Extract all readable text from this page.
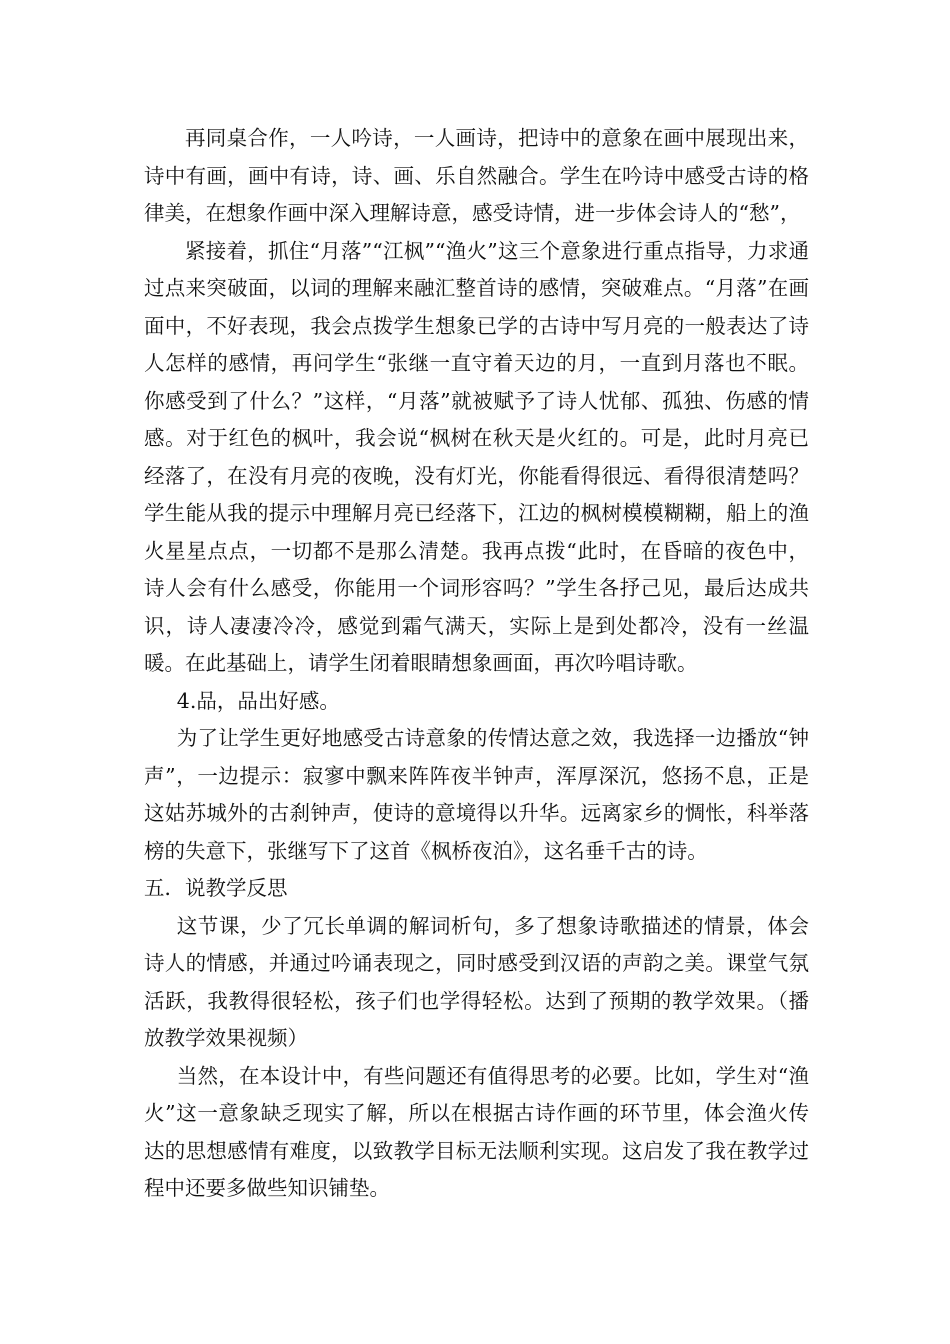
再同桌合作，一人吟诗，一人画诗，把诗中的意象在画中展现出来，诗中有画，画中有诗，诗、画、乐自然融合。学生在吟诗中感受古诗的格律美，在想象作画中深入理解诗意，感受诗情，进一步体会诗人的“愁”，

紧接着，抓住“月落”“江枫”“渔火”这三个意象进行重点指导，力求通过点来突破面，以词的理解来融汇整首诗的感情，突破难点。“月落”在画面中，不好表现，我会点拨学生想象已学的古诗中写月亮的一般表达了诗人怎样的感情，再问学生“张继一直守着天边的月，一直到月落也不眠。你感受到了什么？”这样，“月落”就被赋予了诗人忧郁、孤独、伤感的情感。对于红色的枫叶，我会说“枫树在秋天是火红的。可是，此时月亮已经落了，在没有月亮的夜晚，没有灯光，你能看得很远、看得很清楚吗？学生能从我的提示中理解月亮已经落下，江边的枫树模模糊糊，船上的渔火星星点点，一切都不是那么清楚。我再点拨“此时，在昏暗的夜色中，诗人会有什么感受，你能用一个词形容吗？”学生各抒己见，最后达成共识，诗人凄凄冷冷，感觉到霜气满天，实际上是到处都冷，没有一丝温暖。在此基础上，请学生闭着眼睛想象画面，再次吟唱诗歌。

4.品，品出好感。

为了让学生更好地感受古诗意象的传情达意之效，我选择一边播放“钟声”，一边提示：寂寥中飘来阵阵夜半钟声，浑厚深沉，悠扬不息，正是这姑苏城外的古刹钟声，使诗的意境得以升华。远离家乡的惆怅，科举落榜的失意下，张继写下了这首《枫桥夜泊》，这名垂千古的诗。

五．说教学反思

这节课，少了冗长单调的解词析句，多了想象诗歌描述的情景，体会诗人的情感，并通过吟诵表现之，同时感受到汉语的声韵之美。课堂气氛活跃，我教得很轻松，孩子们也学得轻松。达到了预期的教学效果。（播放教学效果视频）

当然，在本设计中，有些问题还有值得思考的必要。比如，学生对“渔火”这一意象缺乏现实了解，所以在根据古诗作画的环节里，体会渔火传达的思想感情有难度，以致教学目标无法顺利实现。这启发了我在教学过程中还要多做些知识铺垫。
